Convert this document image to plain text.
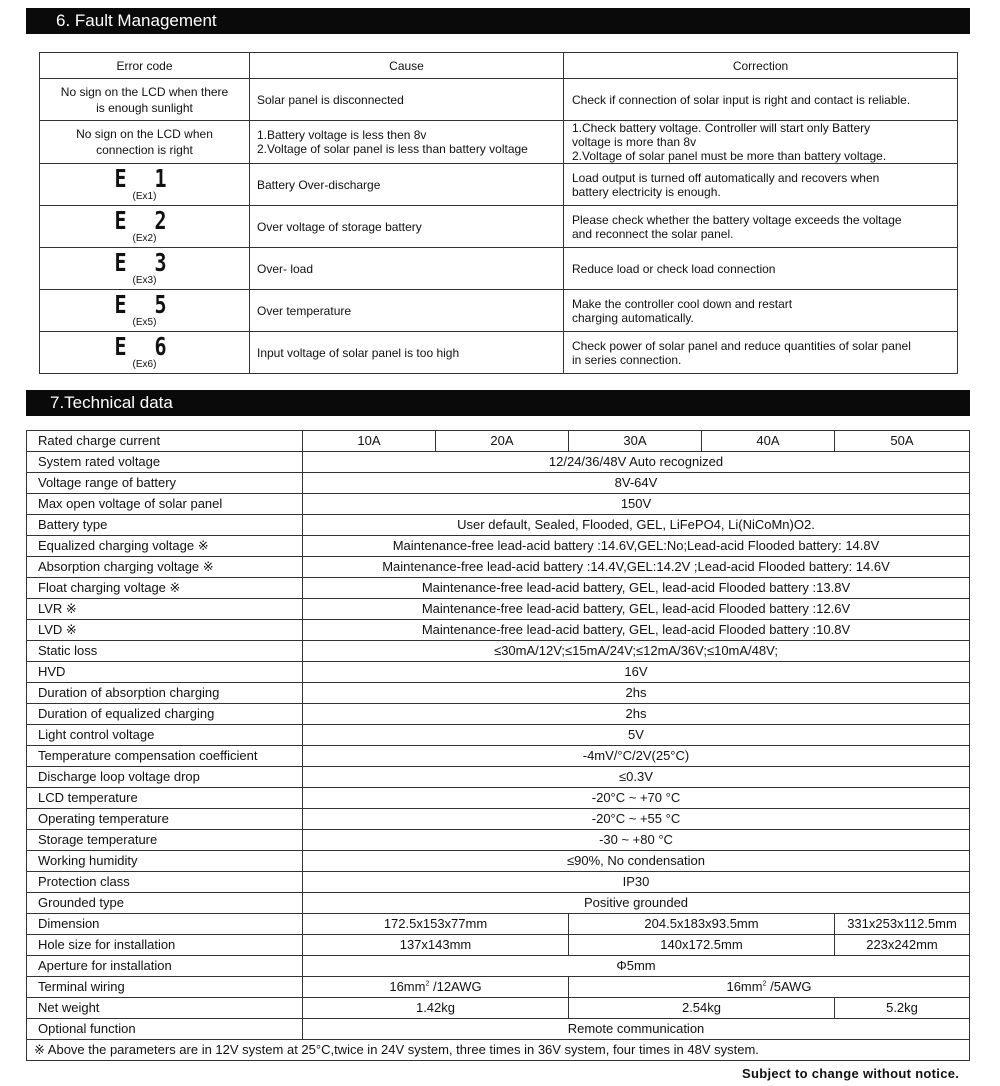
6. Fault Management
Error code	Cause	Correction
No sign on the LCD when there
is enough sunlight	Solar panel is disconnected	Check if connection of solar input is right and contact is reliable.
No sign on the LCD when
connection is right	1.Battery voltage is less then 8v
2.Voltage of solar panel is less than battery voltage	1.Check battery voltage. Controller will start only Battery
voltage is more than 8v
2.Voltage of solar panel must be more than battery voltage.

E 1
(Ex1)	Battery Over-discharge	Load output is turned off automatically and recovers when
battery electricity is enough.

E 2
(Ex2)	Over voltage of storage battery	Please check whether the battery voltage exceeds the voltage
and reconnect the solar panel.

E 3
(Ex3)	Over- load	Reduce load or check load connection

E 5
(Ex5)	Over temperature	Make the controller cool down and restart
charging automatically.

E 6
(Ex6)	Input voltage of solar panel is too high	Check power of solar panel and reduce quantities of solar panel
in series connection.
7.Technical data
Rated charge current	10A	20A	30A	40A	50A
System rated voltage	12/24/36/48V Auto recognized				
Voltage range of battery	8V-64V				
Max open voltage of solar panel	150V				
Battery type	User default, Sealed, Flooded, GEL, LiFePO4, Li(NiCoMn)O2.				
Equalized charging voltage ※	Maintenance-free lead-acid battery :14.6V,GEL:No;Lead-acid Flooded battery: 14.8V				
Absorption charging voltage ※	Maintenance-free lead-acid battery :14.4V,GEL:14.2V ;Lead-acid Flooded battery: 14.6V				
Float charging voltage ※	Maintenance-free lead-acid battery, GEL, lead-acid Flooded battery :13.8V				
LVR ※	Maintenance-free lead-acid battery, GEL, lead-acid Flooded battery :12.6V				
LVD ※	Maintenance-free lead-acid battery, GEL, lead-acid Flooded battery :10.8V				
Static loss	≤30mA/12V;≤15mA/24V;≤12mA/36V;≤10mA/48V;				
HVD	16V				
Duration of absorption charging	2hs				
Duration of equalized charging	2hs				
Light control voltage	5V				
Temperature compensation coefficient	-4mV/°C/2V(25°C)				
Discharge loop voltage drop	≤0.3V				
LCD temperature	-20°C ~ +70 °C				
Operating temperature	-20°C ~ +55 °C				
Storage temperature	-30 ~ +80 °C				
Working humidity	≤90%, No condensation				
Protection class	IP30				
Grounded type	Positive grounded				
Dimension	172.5x153x77mm		204.5x183x93.5mm		331x253x112.5mm
Hole size for installation	137x143mm		140x172.5mm		223x242mm
Aperture for installation	Φ5mm				
Terminal wiring	$16mm^2$ /12AWG		$16mm^2$ /5AWG		
Net weight	1.42kg		2.54kg		5.2kg
Optional function	Remote communication				
※ Above the parameters are in 12V system at 25°C,twice in 24V system, three times in 36V system, four times in 48V system.					
Subject to change without notice.
